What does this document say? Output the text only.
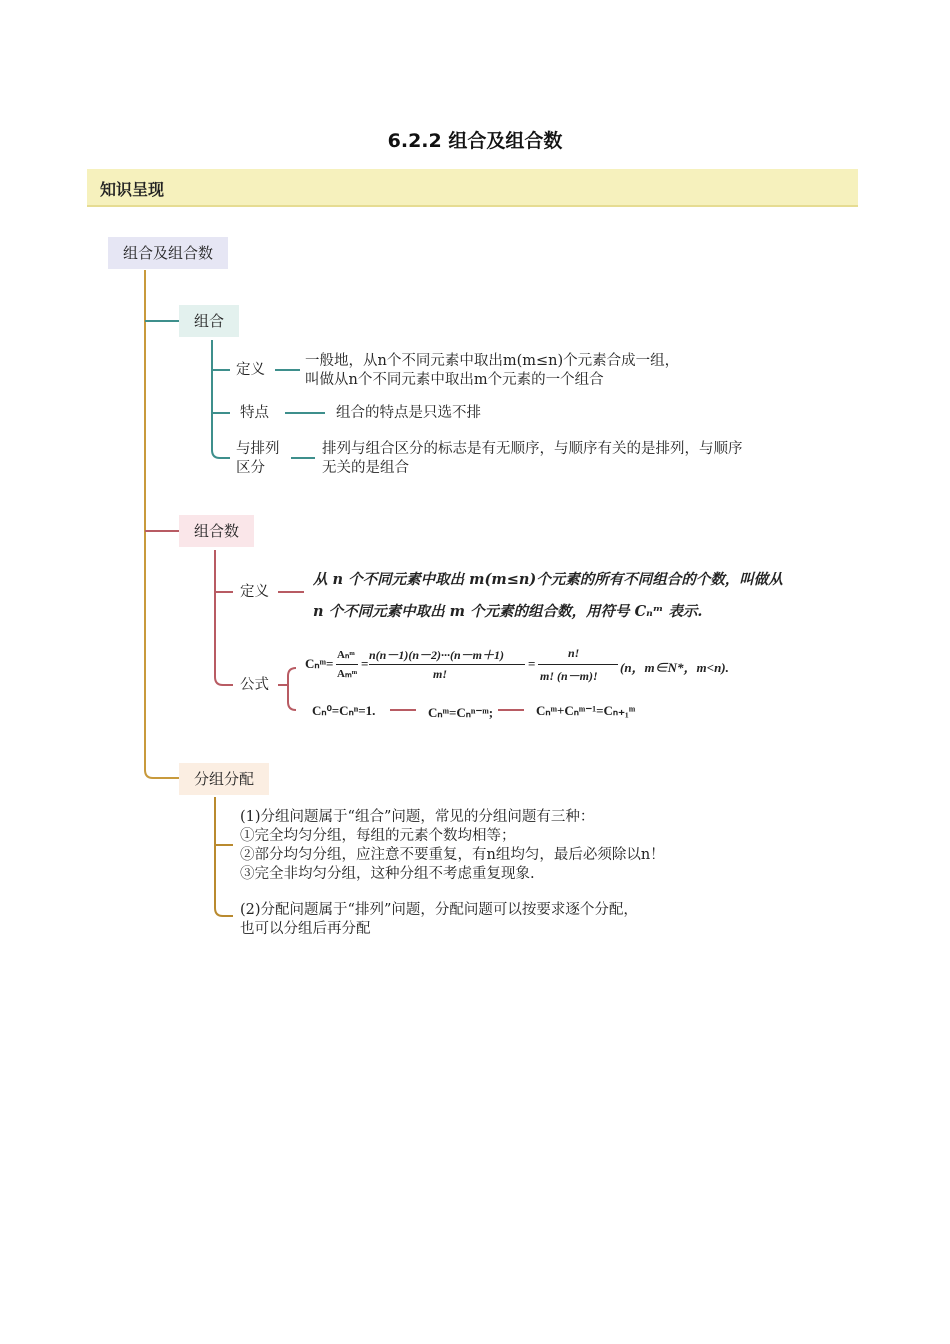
6.2.2 组合及组合数
知识呈现
组合及组合数
组合
定义
一般地，从n个不同元素中取出m(m≤n)个元素合成一组，
叫做从n个不同元素中取出m个元素的一个组合
特点	组合的特点是只选不排
与排列
区分
排列与组合区分的标志是有无顺序，与顺序有关的是排列，与顺序
无关的是组合
组合数
定义
从 n 个不同元素中取出 m(m≤n)个元素的所有不同组合的个数，叫做从
n 个不同元素中取出 m 个元素的组合数，用符号 Cₙᵐ 表示.
公式
Cₙᵐ=
Aₙᵐ
Aₘᵐ
=
n(n－1)(n－2)···(n－m＋1)
m!
=
n!
m! (n－m)!
(n，m∈N*，m<n).
Cₙ⁰=Cₙⁿ=1.	Cₙᵐ=Cₙⁿ⁻ᵐ;	Cₙᵐ+Cₙᵐ⁻¹=Cₙ₊₁ᵐ
分组分配
(1)分组问题属于“组合”问题，常见的分组问题有三种：
①完全均匀分组，每组的元素个数均相等；
②部分均匀分组，应注意不要重复，有n组均匀，最后必须除以n！
③完全非均匀分组，这种分组不考虑重复现象.
(2)分配问题属于“排列”问题，分配问题可以按要求逐个分配，
也可以分组后再分配
